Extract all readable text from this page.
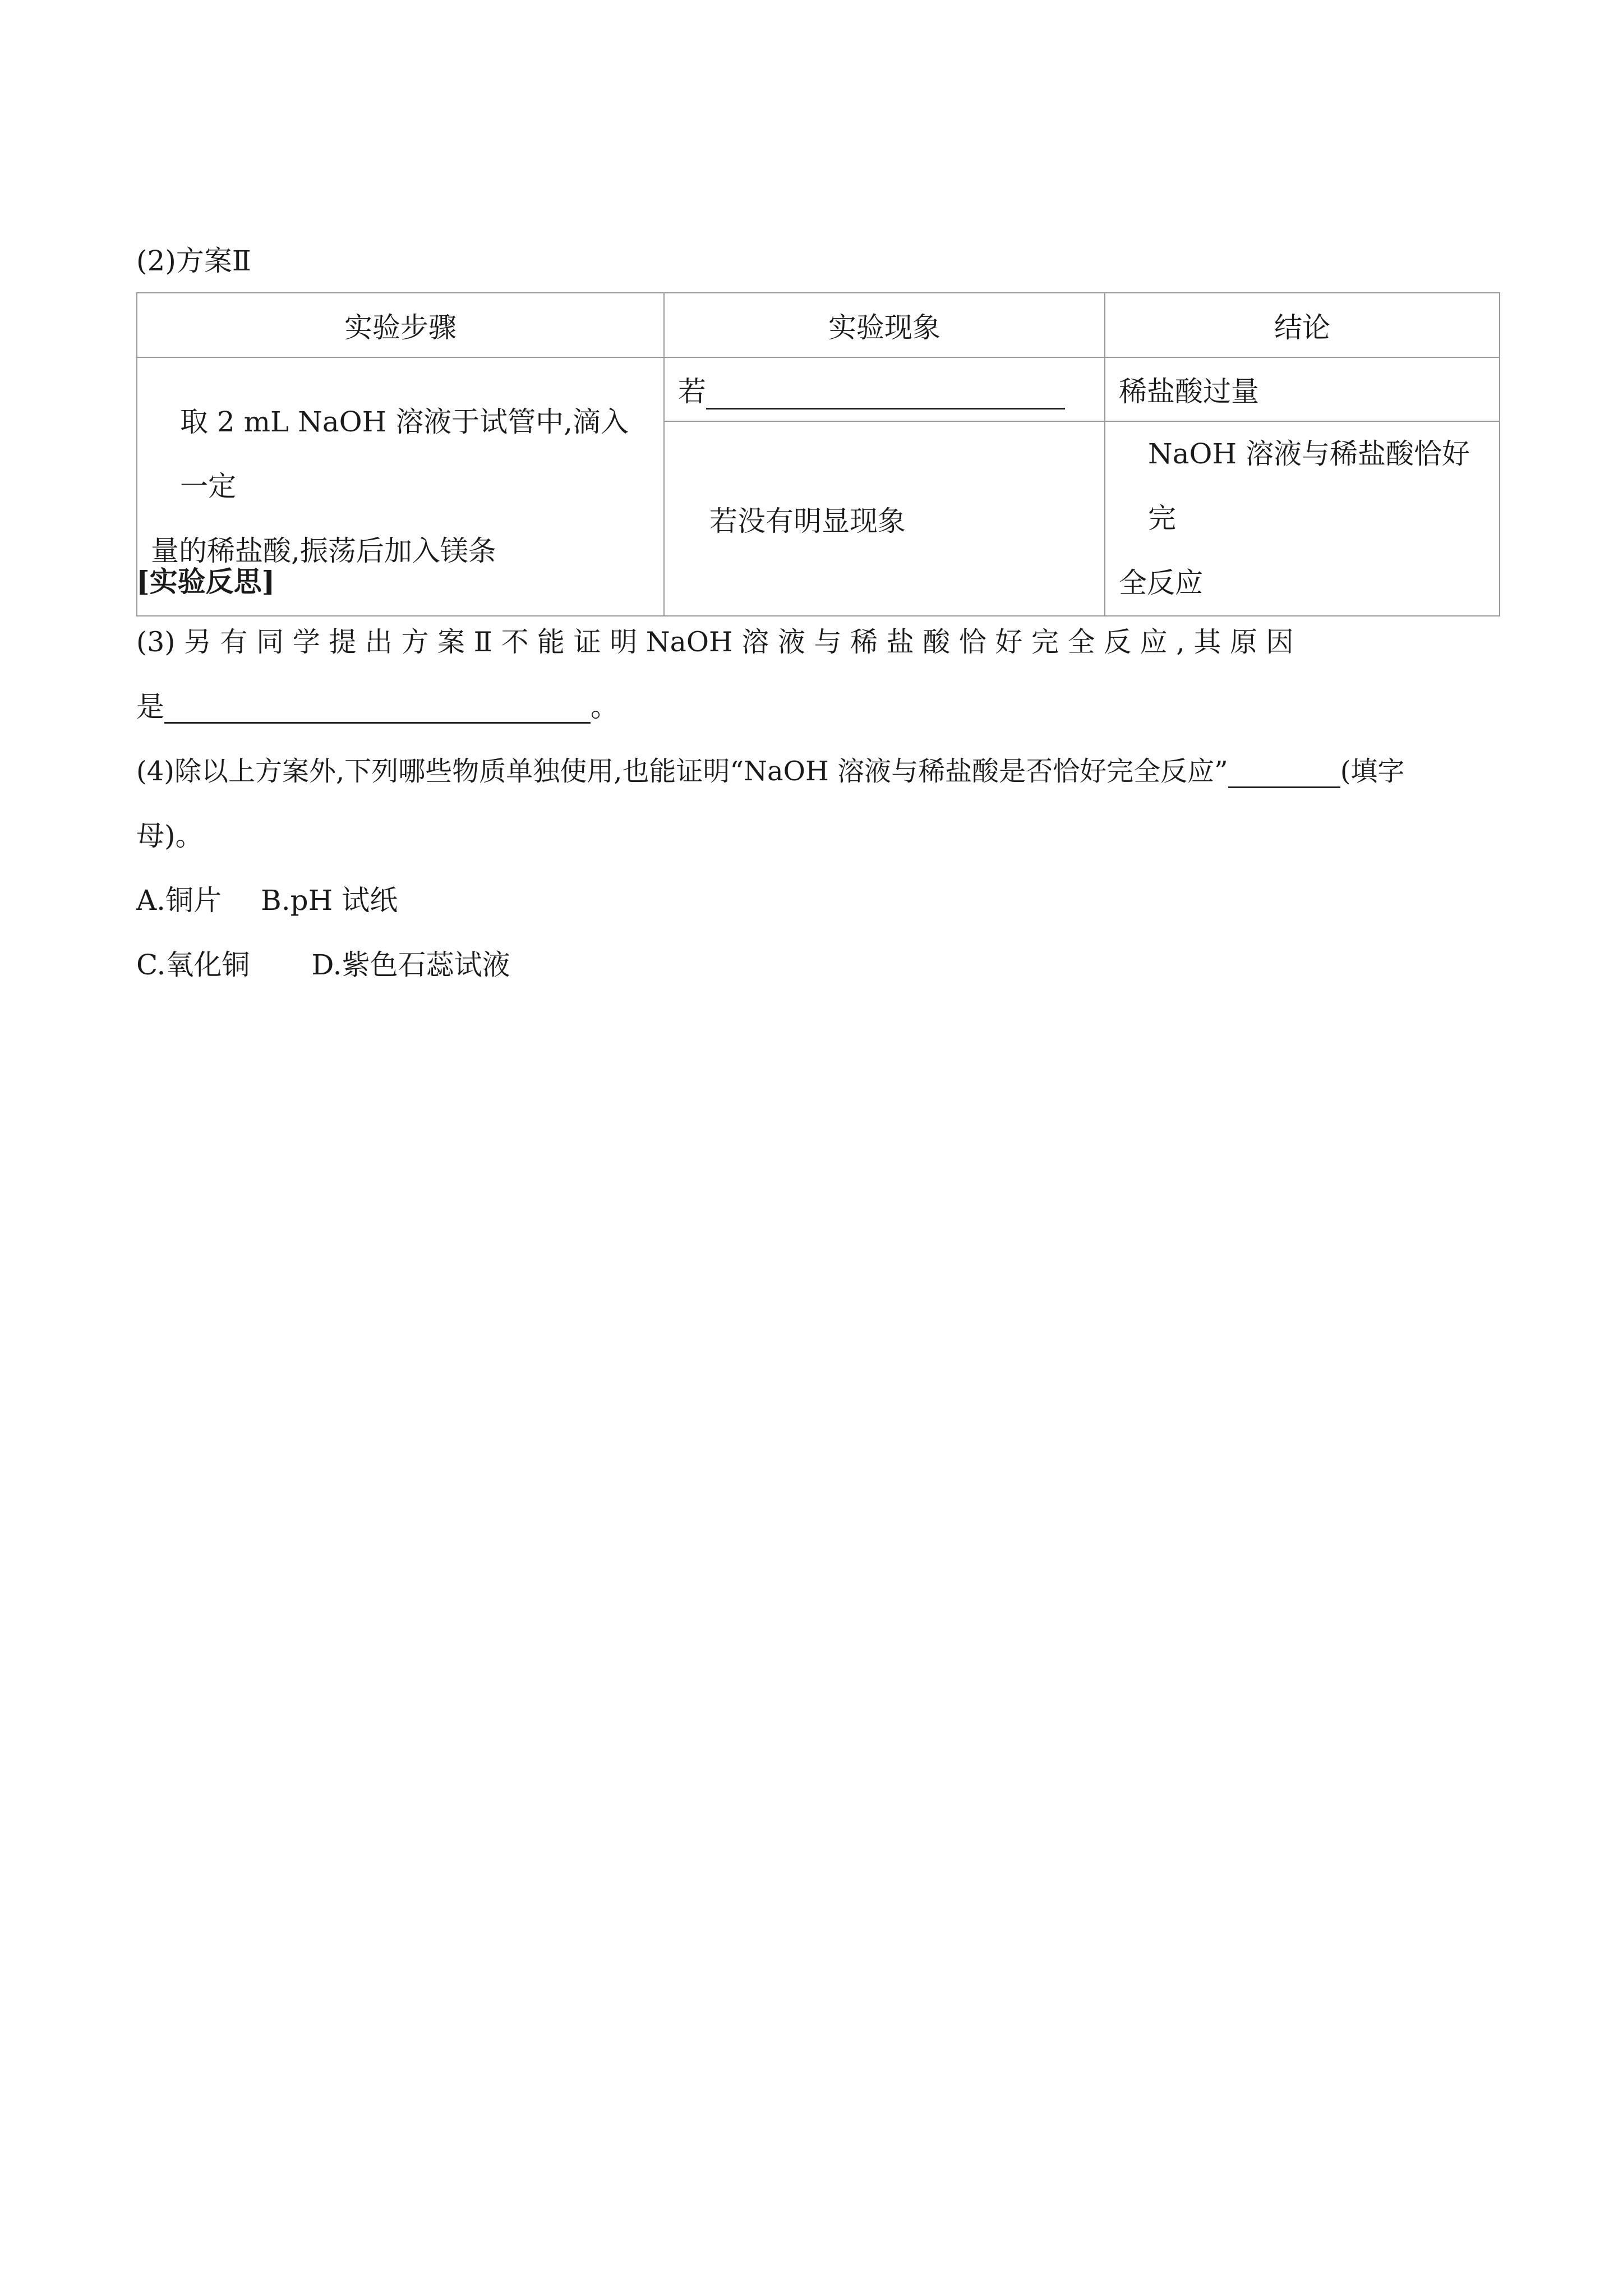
(2)方案Ⅱ
实验步骤	实验现象	结论

取 2 mL NaOH 溶液于试管中,滴入一定
量的稀盐酸,振荡后加入镁条	若	稀盐酸过量
	若没有明显现象	NaOH 溶液与稀盐酸恰好完
全反应
[实验反思]
(3) 另 有 同 学 提 出 方 案 Ⅱ 不 能 证 明 NaOH 溶 液 与 稀 盐 酸 恰 好 完 全 反 应 , 其 原 因
是	。
(4)除以上方案外,下列哪些物质单独使用,也能证明“NaOH 溶液与稀盐酸是否恰好完全反应”	(填字
母)。
A.铜片 B.pH 试纸
C.氧化铜 D.紫色石蕊试液
